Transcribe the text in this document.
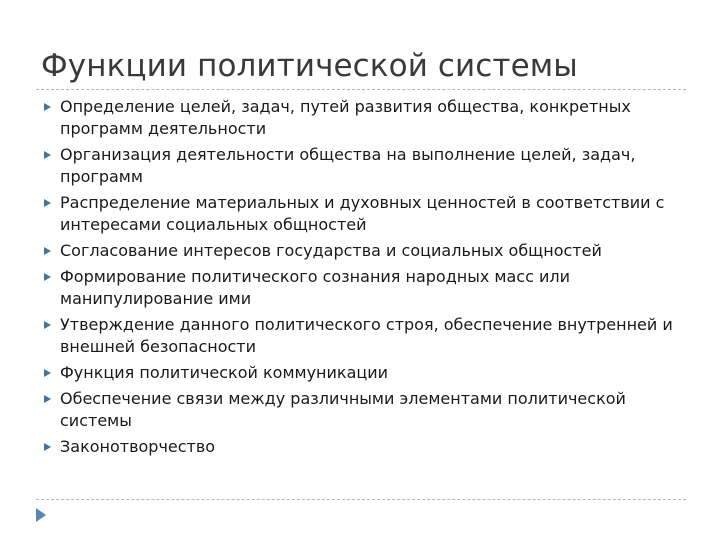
Функции политической системы
Определение целей, задач, путей развития общества, конкретных программ деятельности
Организация деятельности общества на выполнение целей, задач, программ
Распределение материальных и духовных ценностей в соответствии с интересами социальных общностей
Согласование интересов государства и социальных общностей
Формирование политического сознания народных масс или манипулирование ими
Утверждение данного политического строя, обеспечение внутренней и внешней безопасности
Функция политической коммуникации
Обеспечение связи между различными элементами политической системы
Законотворчество
